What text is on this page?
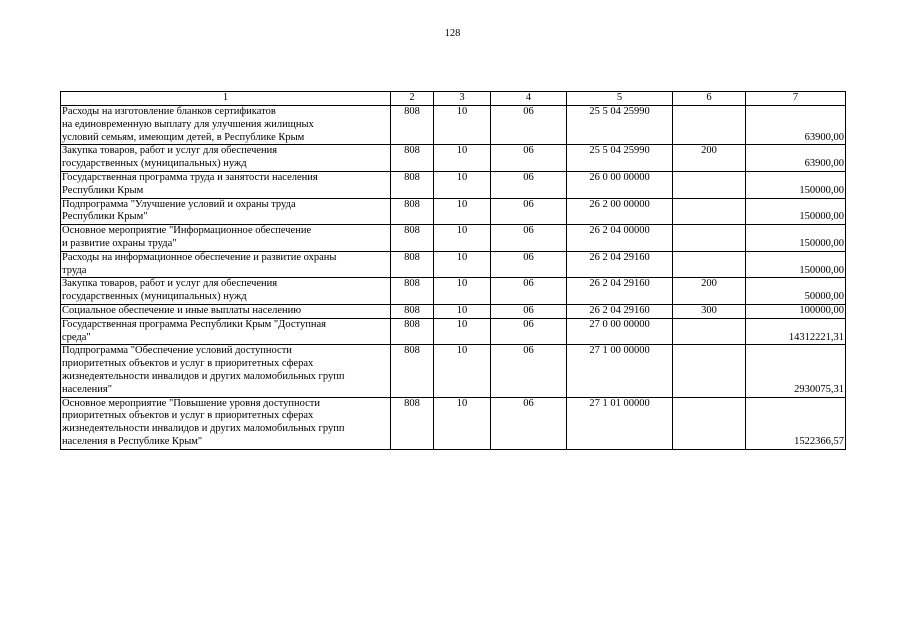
128
1	2	3	4	5	6	7

Расходы на изготовление бланков сертификатов
на единовременную выплату для улучшения жилищных
условий семьям, имеющим детей, в Республике Крым	808	10	06	25 5 04 25990		63900,00

Закупка товаров, работ и услуг для обеспечения
государственных (муниципальных) нужд	808	10	06	25 5 04 25990	200	63900,00

Государственная программа труда и занятости населения
Республики Крым	808	10	06	26 0 00 00000		150000,00

Подпрограмма "Улучшение условий и охраны труда
Республики Крым"	808	10	06	26 2 00 00000		150000,00

Основное мероприятие "Информационное обеспечение
и развитие охраны труда"	808	10	06	26 2 04 00000		150000,00

Расходы на информационное обеспечение и развитие охраны
труда	808	10	06	26 2 04 29160		150000,00

Закупка товаров, работ и услуг для обеспечения
государственных (муниципальных) нужд	808	10	06	26 2 04 29160	200	50000,00

Социальное обеспечение и иные выплаты населению	808	10	06	26 2 04 29160	300	100000,00

Государственная программа Республики Крым "Доступная
среда"	808	10	06	27 0 00 00000		14312221,31

Подпрограмма "Обеспечение условий доступности
приоритетных объектов и услуг в приоритетных сферах
жизнедеятельности инвалидов и других маломобильных групп
населения"	808	10	06	27 1 00 00000		2930075,31

Основное мероприятие "Повышение уровня доступности
приоритетных объектов и услуг в приоритетных сферах
жизнедеятельности инвалидов и других маломобильных групп
населения в Республике Крым"	808	10	06	27 1 01 00000		1522366,57
